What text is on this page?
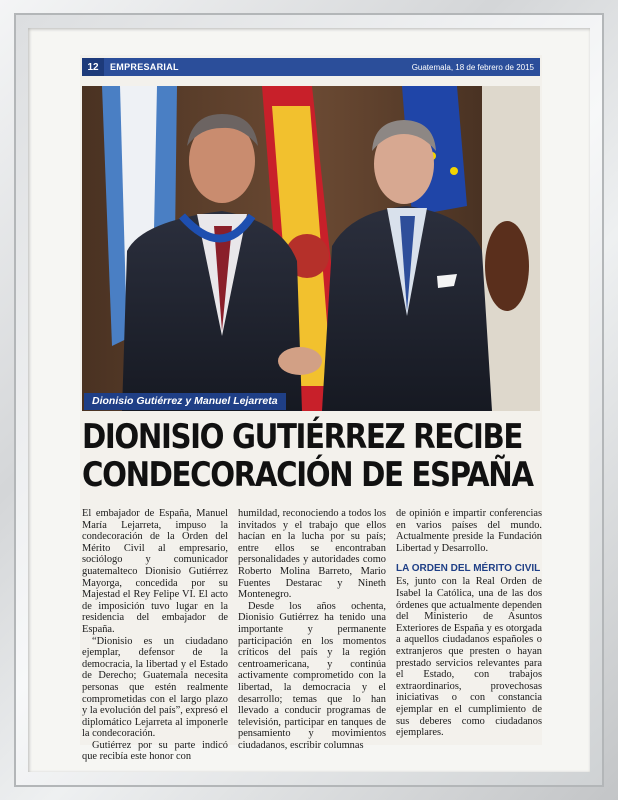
12	EMPRESARIAL	Guatemala, 18 de febrero de 2015
Dionisio Gutiérrez y Manuel Lejarreta
DIONISIO GUTIÉRREZ RECIBE
CONDECORACIÓN DE ESPAÑA

El embajador de España, Manuel María Lejarreta, impuso la condecoración de la Orden del Mérito Civil al empresario, sociólogo y comunicador guatemalteco Dionisio Gutiérrez Mayorga, concedida por su Majestad el Rey Felipe VI. El acto de imposición tuvo lugar en la residencia del embajador de España.

“Dionisio es un ciudadano ejemplar, defensor de la democracia, la libertad y el Estado de Derecho; Guatemala necesita personas que estén realmente comprometidas con el largo plazo y la evolución del país”, expresó el diplomático Lejarreta al imponerle la condecoración.

Gutiérrez por su parte indicó que recibía este honor con

humildad, reconociendo a todos los invitados y el trabajo que ellos hacían en la lucha por su país; entre ellos se encontraban personalidades y autoridades como Roberto Molina Barreto, Mario Fuentes Destarac y Nineth Montenegro.

Desde los años ochenta, Dionisio Gutiérrez ha tenido una importante y permanente participación en los momentos críticos del país y la región centroamericana, y continúa activamente comprometido con la libertad, la democracia y el desarrollo; temas que lo han llevado a conducir programas de televisión, participar en tanques de pensamiento y movimientos ciudadanos, escribir columnas

de opinión e impartir conferencias en varios países del mundo. Actualmente preside la Fundación Libertad y Desarrollo.

LA ORDEN DEL MÉRITO CIVIL

Es, junto con la Real Orden de Isabel la Católica, una de las dos órdenes que actualmente dependen del Ministerio de Asuntos Exteriores de España y es otorgada a aquellos ciudadanos españoles o extranjeros que presten o hayan prestado servicios relevantes para el Estado, con trabajos extraordinarios, provechosas iniciativas o con constancia ejemplar en el cumplimiento de sus deberes como ciudadanos ejemplares.
